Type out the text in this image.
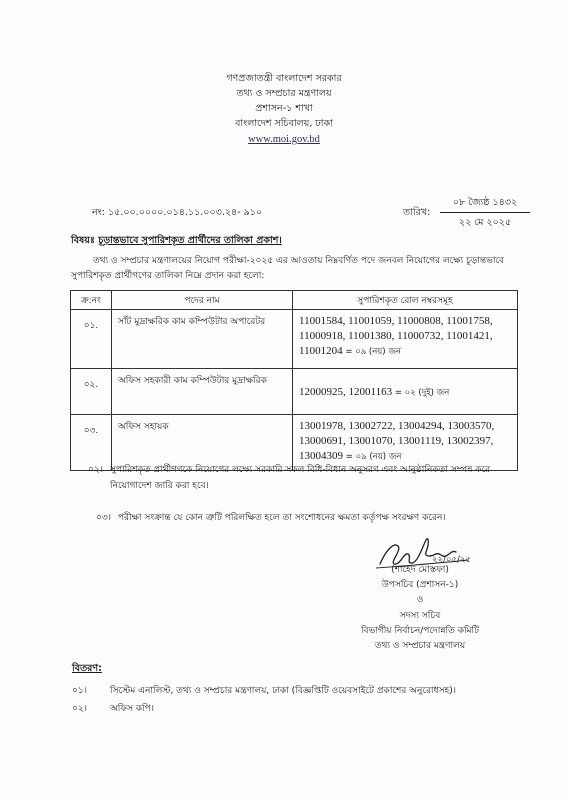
গণপ্রজাতন্ত্রী বাংলাদেশ সরকার
তথ্য ও সম্প্রচার মন্ত্রণালয়
প্রশাসন-১ শাখা
বাংলাদেশ সচিবালয়, ঢাকা
www.moi.gov.bd
নং: ১৫.০০.০০০০.০১৪.১১.০০৩.২৪- ৯১০	তারিখ:
০৮ জ্যৈষ্ঠ ১৪৩২
২২ মে ২০২৫
বিষয়ঃ চূড়ান্তভাবে সুপারিশকৃত প্রার্থীদের তালিকা প্রকাশ।
তথ্য ও সম্প্রচার মন্ত্রণালয়ের নিয়োগ পরীক্ষা-২০২৫ এর আওতায় নিম্নবর্ণিত পদে জনবল নিয়োগের লক্ষ্যে চূড়ান্তভাবে সুপারিশকৃত প্রার্থীগণের তালিকা নিম্নে প্রদান করা হলো:
ক্র:নং	পদের নাম	সুপারিশকৃত রোল নম্বরসমূহ
০১.	সাঁট মুদ্রাক্ষরিক কাম কম্পিউটার অপারেটর	11001584, 11001059, 11000808, 11001758, 11000918, 11001380, 11000732, 11001421, 11001204 = ০৯ (নয়) জন
০২.	অফিস সহকারী কাম কম্পিউটার মুদ্রাক্ষরিক	12000925, 12001163 = ০২ (দুই) জন
০৩.	অফিস সহায়ক	13001978, 13002722, 13004294, 13003570, 13000691, 13001070, 13001119, 13002397, 13004309 = ০৯ (নয়) জন
০২। সুপারিশকৃত প্রার্থীগণকে নিয়োগের লক্ষ্যে সরকারি সকল বিধি-বিধান অনুসরণ এবং আনুষ্ঠানিকতা সম্পন্ন করে নিয়োগাদেশ জারি করা হবে।
০৩। পরীক্ষা সংক্রান্ত যে কোন ত্রুটি পরিলক্ষিত হলে তা সংশোধনের ক্ষমতা কর্তৃপক্ষ সংরক্ষণ করেন।
২২/০৫/২৫
(শাহেদ মোস্তফা)
উপসচিব (প্রশাসন-১)
ও
সদস্য সচিব
বিভাগীয় নির্বাচন/পদোন্নতি কমিটি
তথ্য ও সম্প্রচার মন্ত্রণালয়
বিতরণ:
০১।	সিস্টেম এনালিস্ট, তথ্য ও সম্প্রচার মন্ত্রণালয়, ঢাকা (বিজ্ঞপ্তিটি ওয়েবসাইটে প্রকাশের অনুরোধসহ)।
০২।	অফিস কপি।
